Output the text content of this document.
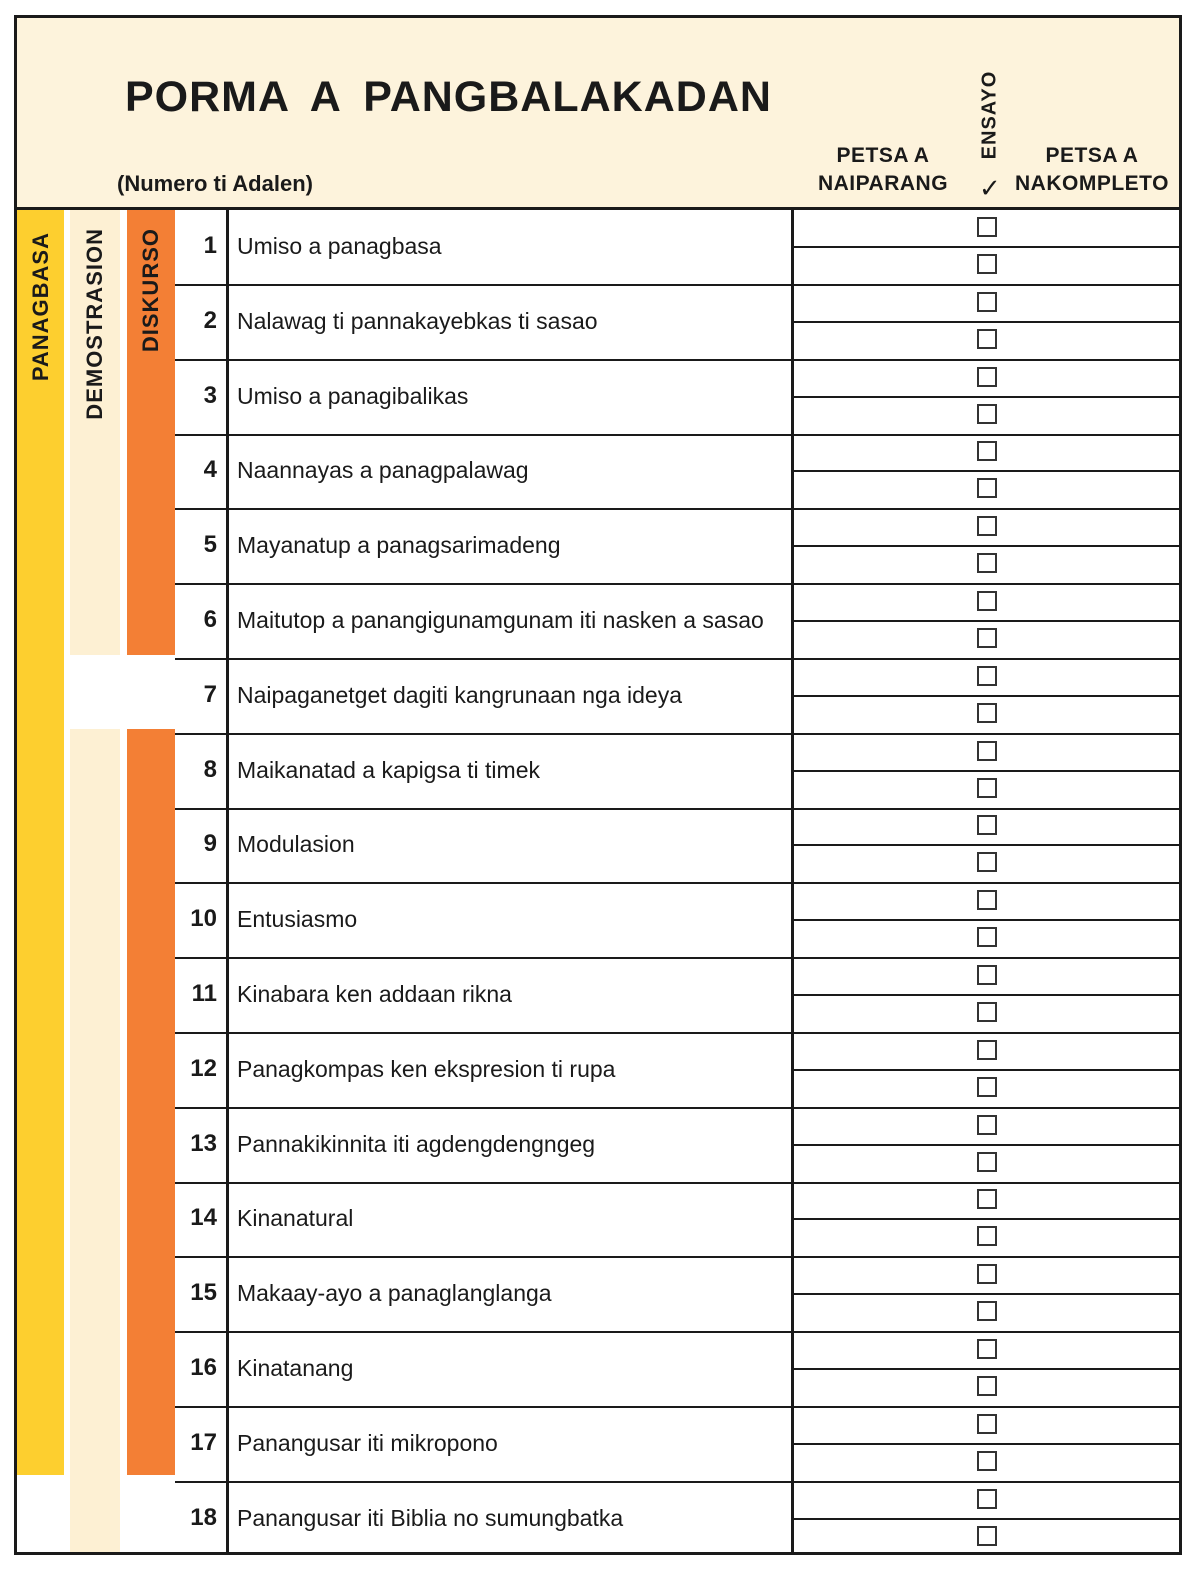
PORMA A PANGBALAKADAN
(Numero ti Adalen)
PETSA A
NAIPARANG
ENSAYO
✓
PETSA A
NAKOMPLETO
PANAGBASA DEMOSTRASION DISKURSO	1 Umiso a panagbasa
2 Nalawag ti pannakayebkas ti sasao
3 Umiso a panagibalikas
4 Naannayas a panagpalawag
5 Mayanatup a panagsarimadeng
6 Maitutop a panangigunamgunam iti nasken a sasao
7 Naipaganetget dagiti kangrunaan nga ideya
8 Maikanatad a kapigsa ti timek
9 Modulasion
10 Entusiasmo
11 Kinabara ken addaan rikna
12 Panagkompas ken ekspresion ti rupa
13 Pannakikinnita iti agdengdengngeg
14 Kinanatural
15 Makaay-ayo a panaglanglanga
16 Kinatanang
17 Panangusar iti mikropono
18 Panangusar iti Biblia no sumungbatka
